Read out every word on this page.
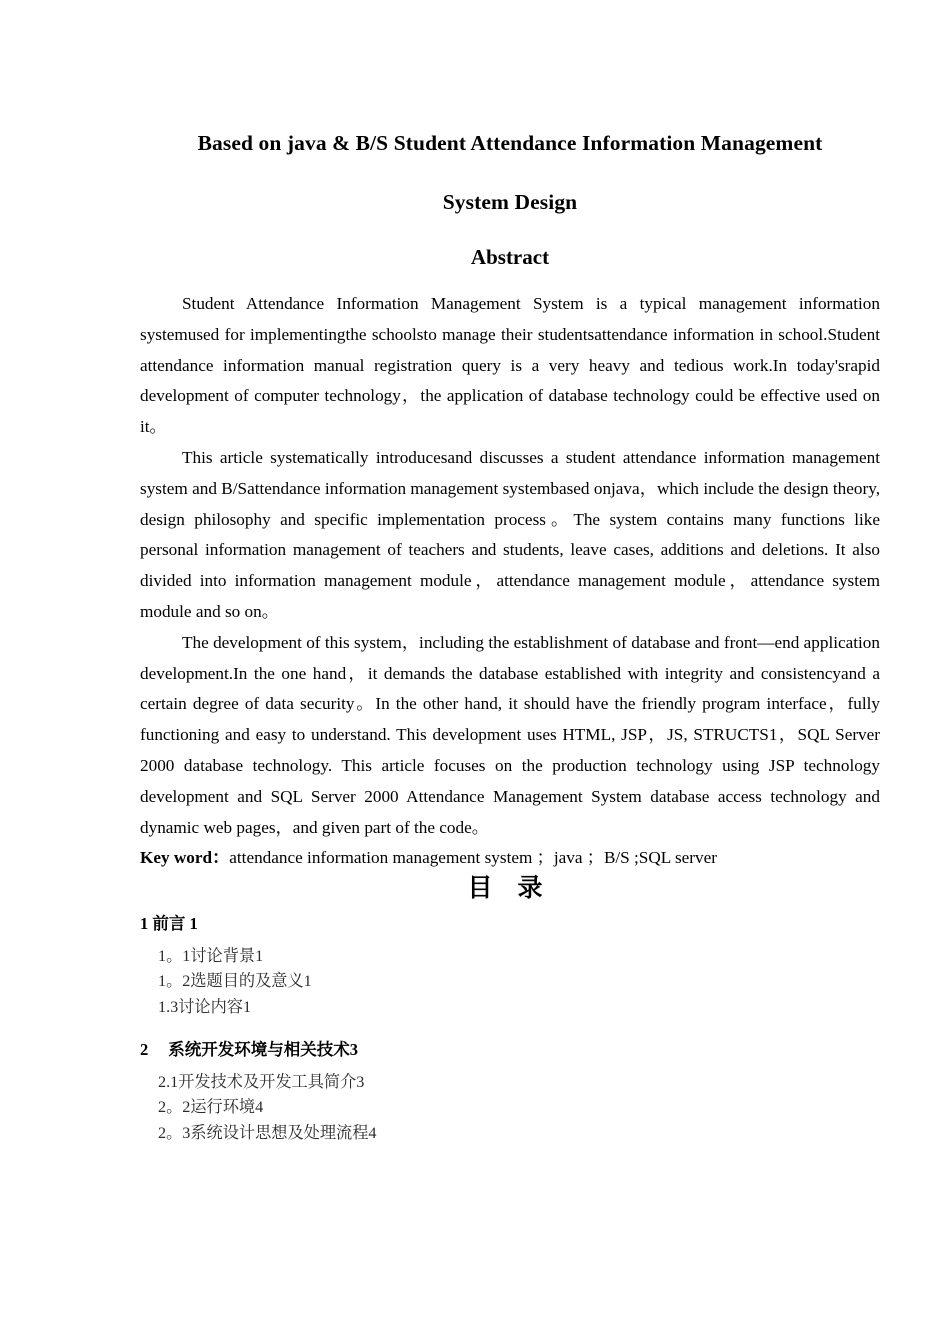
Based on java & B/S Student Attendance Information Management
System Design
Abstract

Student Attendance Information Management System is a typical management information systemused for implementingthe schoolsto manage their studentsattendance information in school.Student attendance information manual registration query is a very heavy and tedious work.In today'srapid development of computer technology，the application of database technology could be effective used on it。

This article systematically introducesand discusses a student attendance information management system and B/Sattendance information management systembased onjava，which include the design theory, design philosophy and specific implementation process。The system contains many functions like personal information management of teachers and students, leave cases, additions and deletions. It also divided into information management module，attendance management module，attendance system module and so on。

The development of this system，including the establishment of database and front—end application development.In the one hand，it demands the database established with integrity and consistencyand a certain degree of data security。In the other hand, it should have the friendly program interface，fully functioning and easy to understand. This development uses HTML, JSP，JS, STRUCTS1，SQL Server 2000 database technology. This article focuses on the production technology using JSP technology development and SQL Server 2000 Attendance Management System database access technology and dynamic web pages，and given part of the code。

Key word：attendance information management system ；java ；B/S ;SQL server

目　录
1 前言 1
1。1讨论背景1
1。2选题目的及意义1
1.3讨论内容1
2 系统开发环境与相关技术3
2.1开发技术及开发工具简介3
2。2运行环境4
2。3系统设计思想及处理流程4
